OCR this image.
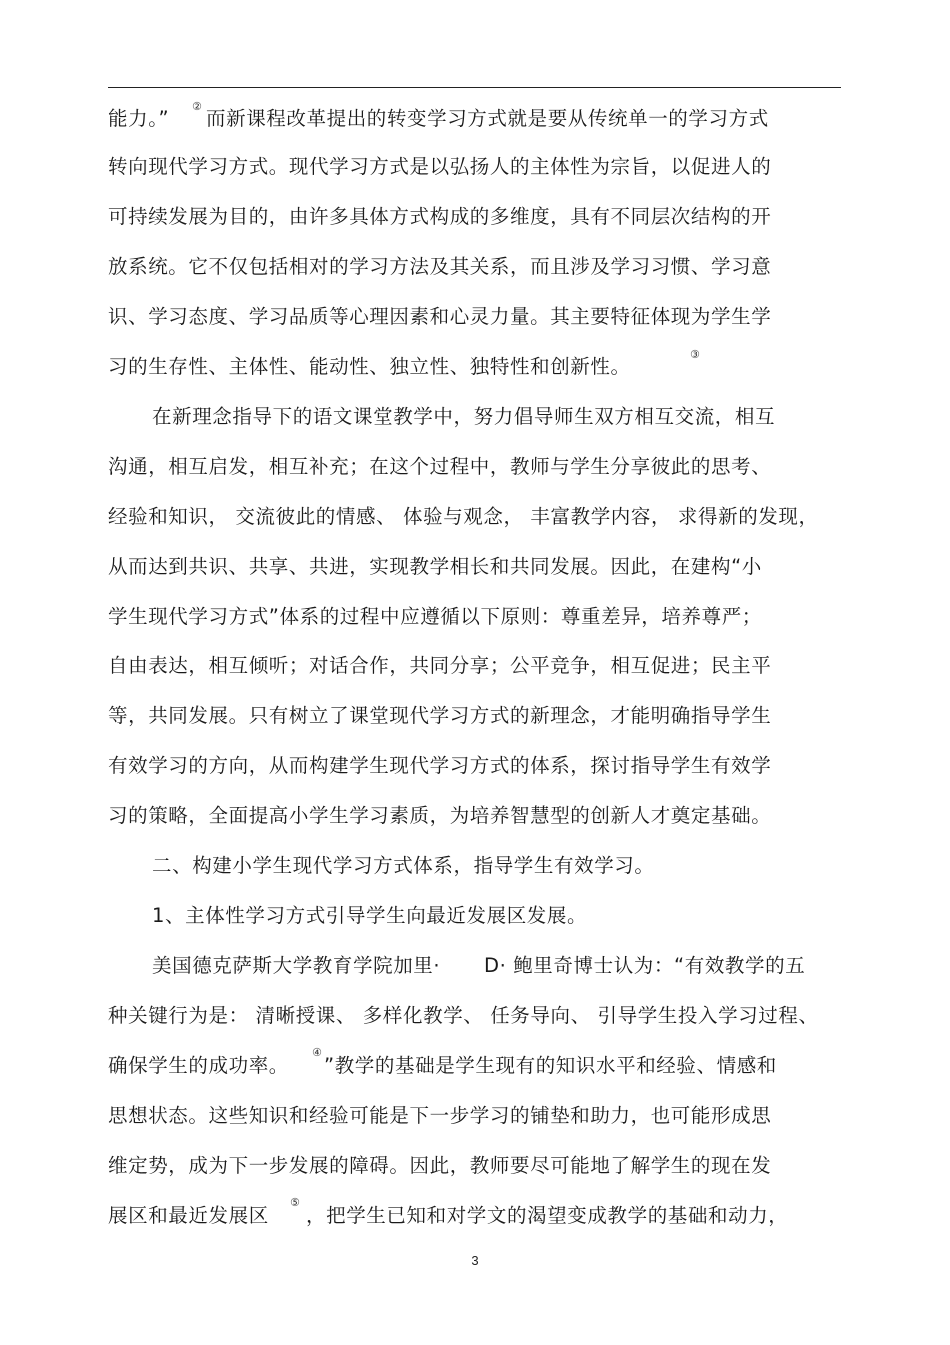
能力。”
②
而新课程改革提出的转变学习方式就是要从传统单一的学习方式
转向现代学习方式。现代学习方式是以弘扬人的主体性为宗旨，以促进人的
可持续发展为目的，由许多具体方式构成的多维度，具有不同层次结构的开
放系统。它不仅包括相对的学习方法及其关系，而且涉及学习习惯、学习意
识、学习态度、学习品质等心理因素和心灵力量。其主要特征体现为学生学
习的生存性、主体性、能动性、独立性、独特性和创新性。
③
在新理念指导下的语文课堂教学中，努力倡导师生双方相互交流，相互
沟通，相互启发，相互补充；在这个过程中，教师与学生分享彼此的思考、
经验和知识， 交流彼此的情感、 体验与观念， 丰富教学内容， 求得新的发现，
从而达到共识、共享、共进，实现教学相长和共同发展。因此，在建构“小
学生现代学习方式”体系的过程中应遵循以下原则：尊重差异，培养尊严；
自由表达，相互倾听；对话合作，共同分享；公平竞争，相互促进；民主平
等，共同发展。只有树立了课堂现代学习方式的新理念，才能明确指导学生
有效学习的方向，从而构建学生现代学习方式的体系，探讨指导学生有效学
习的策略，全面提高小学生学习素质，为培养智慧型的创新人才奠定基础。
二、构建小学生现代学习方式体系，指导学生有效学习。
1、主体性学习方式引导学生向最近发展区发展。
美国德克萨斯大学教育学院加里· D· 鲍里奇博士认为：“有效教学的五
种关键行为是： 清晰授课、 多样化教学、 任务导向、 引导学生投入学习过程、
确保学生的成功率。
④
”教学的基础是学生现有的知识水平和经验、情感和
思想状态。这些知识和经验可能是下一步学习的铺垫和助力，也可能形成思
维定势，成为下一步发展的障碍。因此，教师要尽可能地了解学生的现在发
展区和最近发展区
⑤
，把学生已知和对学文的渴望变成教学的基础和动力，
3
